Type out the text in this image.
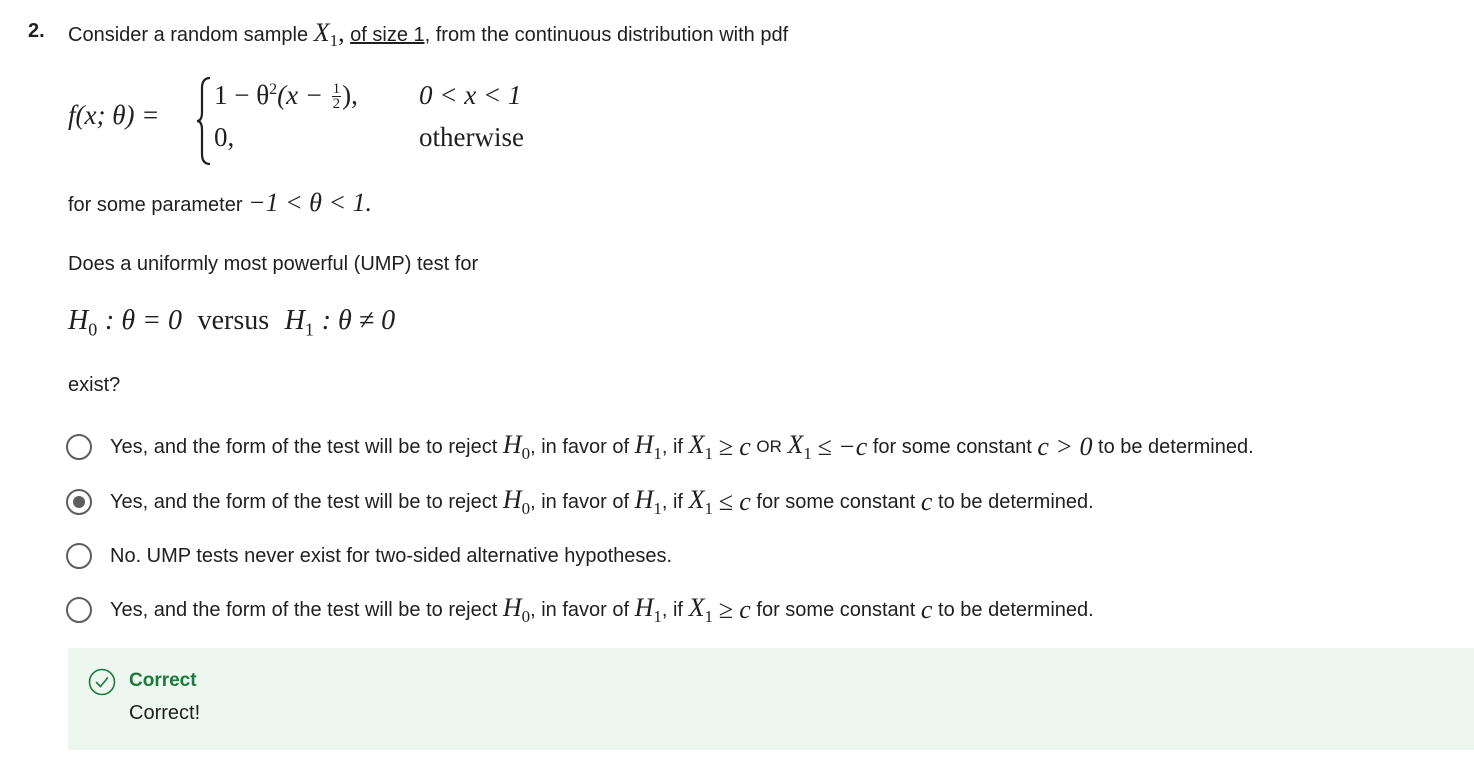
2. Consider a random sample $X_1$, of size 1, from the continuous distribution with pdf
f(x; θ) =
$1 - \theta^2(x - \frac{1}{2}$ ), 0 < x < 1
0,	otherwise
for some parameter −1 < θ < 1.
Does a uniformly most powerful (UMP) test for
$H_0$ : θ = 0 versus $H_1$ : θ ≠ 0
exist?
Yes, and the form of the test will be to reject
$H_0$ , in favor of
$H_1$ , if
$X_1$
≥ c
OR
$X_1$
≤ −c
for some constant
c > 0
to be determined.
Yes, and the form of the test will be to reject
$H_0$ , in favor of
$H_1$ , if
$X_1$
≤ c
for some constant
c
to be determined.
No. UMP tests never exist for two-sided alternative hypotheses.
Yes, and the form of the test will be to reject
$H_0$ , in favor of
$H_1$ , if
$X_1$
≥ c
for some constant
c
to be determined.
Correct
Correct!
